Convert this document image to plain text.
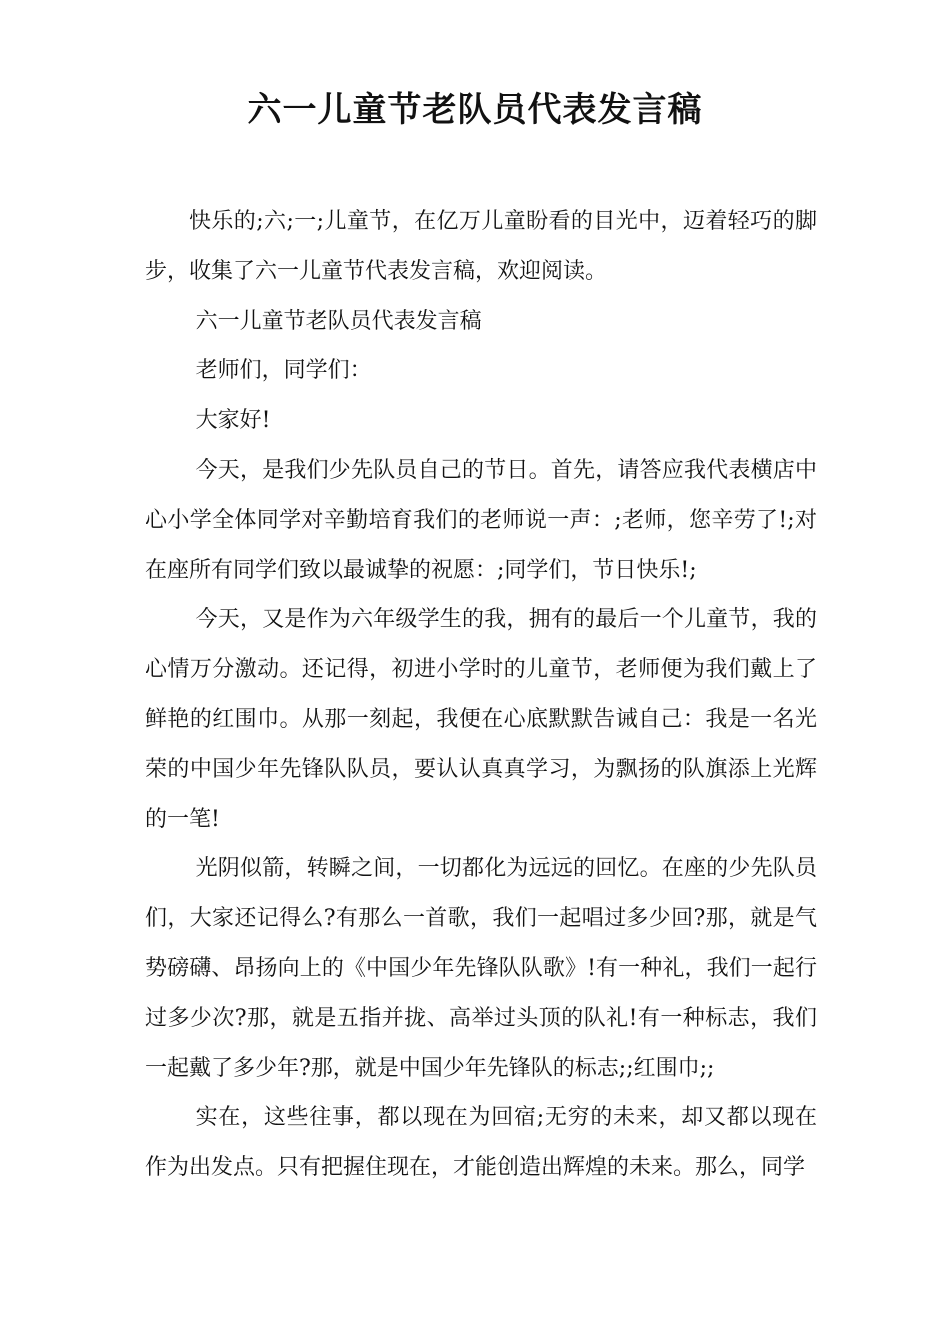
六一儿童节老队员代表发言稿

快乐的;六;一;儿童节，在亿万儿童盼看的目光中，迈着轻巧的脚步，收集了六一儿童节代表发言稿，欢迎阅读。

六一儿童节老队员代表发言稿

老师们，同学们：

大家好!

今天，是我们少先队员自己的节日。首先，请答应我代表横店中心小学全体同学对辛勤培育我们的老师说一声：;老师，您辛劳了!;对在座所有同学们致以最诚挚的祝愿：;同学们，节日快乐!;

今天，又是作为六年级学生的我，拥有的最后一个儿童节，我的心情万分激动。还记得，初进小学时的儿童节，老师便为我们戴上了鲜艳的红围巾。从那一刻起，我便在心底默默告诫自己：我是一名光荣的中国少年先锋队队员，要认认真真学习，为飘扬的队旗添上光辉的一笔!

光阴似箭，转瞬之间，一切都化为远远的回忆。在座的少先队员们，大家还记得么?有那么一首歌，我们一起唱过多少回?那，就是气势磅礴、昂扬向上的《中国少年先锋队队歌》!有一种礼，我们一起行过多少次?那，就是五指并拢、高举过头顶的队礼!有一种标志，我们一起戴了多少年?那，就是中国少年先锋队的标志;;红围巾;;

实在，这些往事，都以现在为回宿;无穷的未来，却又都以现在作为出发点。只有把握住现在，才能创造出辉煌的未来。那么，同学
